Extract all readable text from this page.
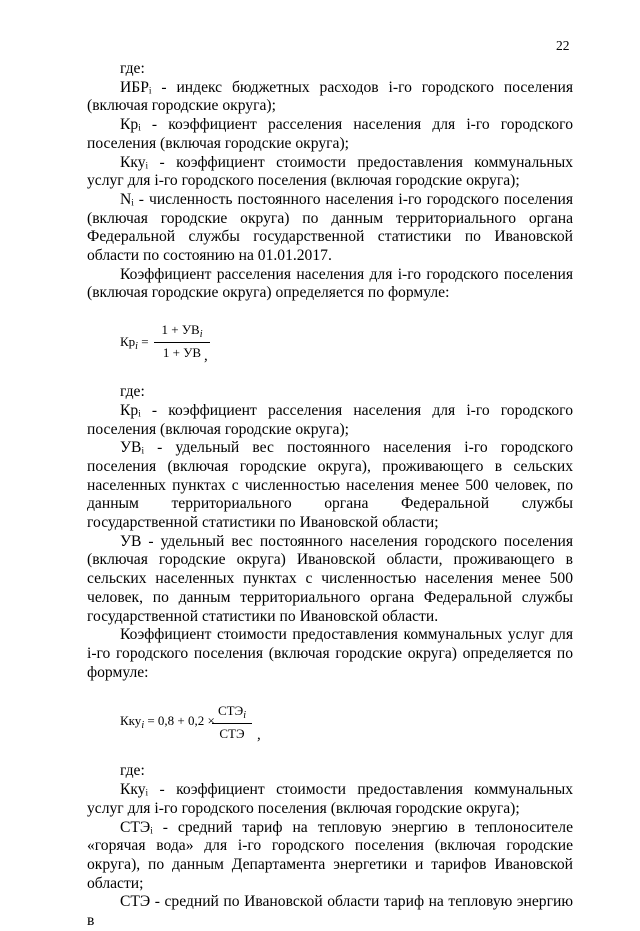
22

где:

ИБРᵢ - индекс бюджетных расходов i-го городского поселения (включая городские округа);

Крᵢ - коэффициент расселения населения для i-го городского поселения (включая городские округа);

Ккуᵢ - коэффициент стоимости предоставления коммунальных услуг для i-го городского поселения (включая городские округа);

Nᵢ - численность постоянного населения i-го городского поселения (включая городские округа) по данным территориального органа Федеральной службы государственной статистики по Ивановской области по состоянию на 01.01.2017.

Коэффициент расселения населения для i-го городского поселения (включая городские округа) определяется по формуле:

$Кр_i$ =
$1 + УВ_i$
1 + УВ ,

где:

Крᵢ - коэффициент расселения населения для i-го городского поселения (включая городские округа);

УВᵢ - удельный вес постоянного населения i-го городского поселения (включая городские округа), проживающего в сельских населенных пунктах с численностью населения менее 500 человек, по данным территориального органа Федеральной службы государственной статистики по Ивановской области;

УВ - удельный вес постоянного населения городского поселения (включая городские округа) Ивановской области, проживающего в сельских населенных пунктах с численностью населения менее 500 человек, по данным территориального органа Федеральной службы государственной статистики по Ивановской области.

Коэффициент стоимости предоставления коммунальных услуг для i-го городского поселения (включая городские округа) определяется по формуле:

Кку$_i$ = 0,8 + 0,2 ×
$СТЭ_i$
СТЭ ,

где:

Ккуᵢ - коэффициент стоимости предоставления коммунальных услуг для i-го городского поселения (включая городские округа);

СТЭᵢ - средний тариф на тепловую энергию в теплоносителе «горячая вода» для i-го городского поселения (включая городские округа), по данным Департамента энергетики и тарифов Ивановской области;

СТЭ - средний по Ивановской области тариф на тепловую энергию в
